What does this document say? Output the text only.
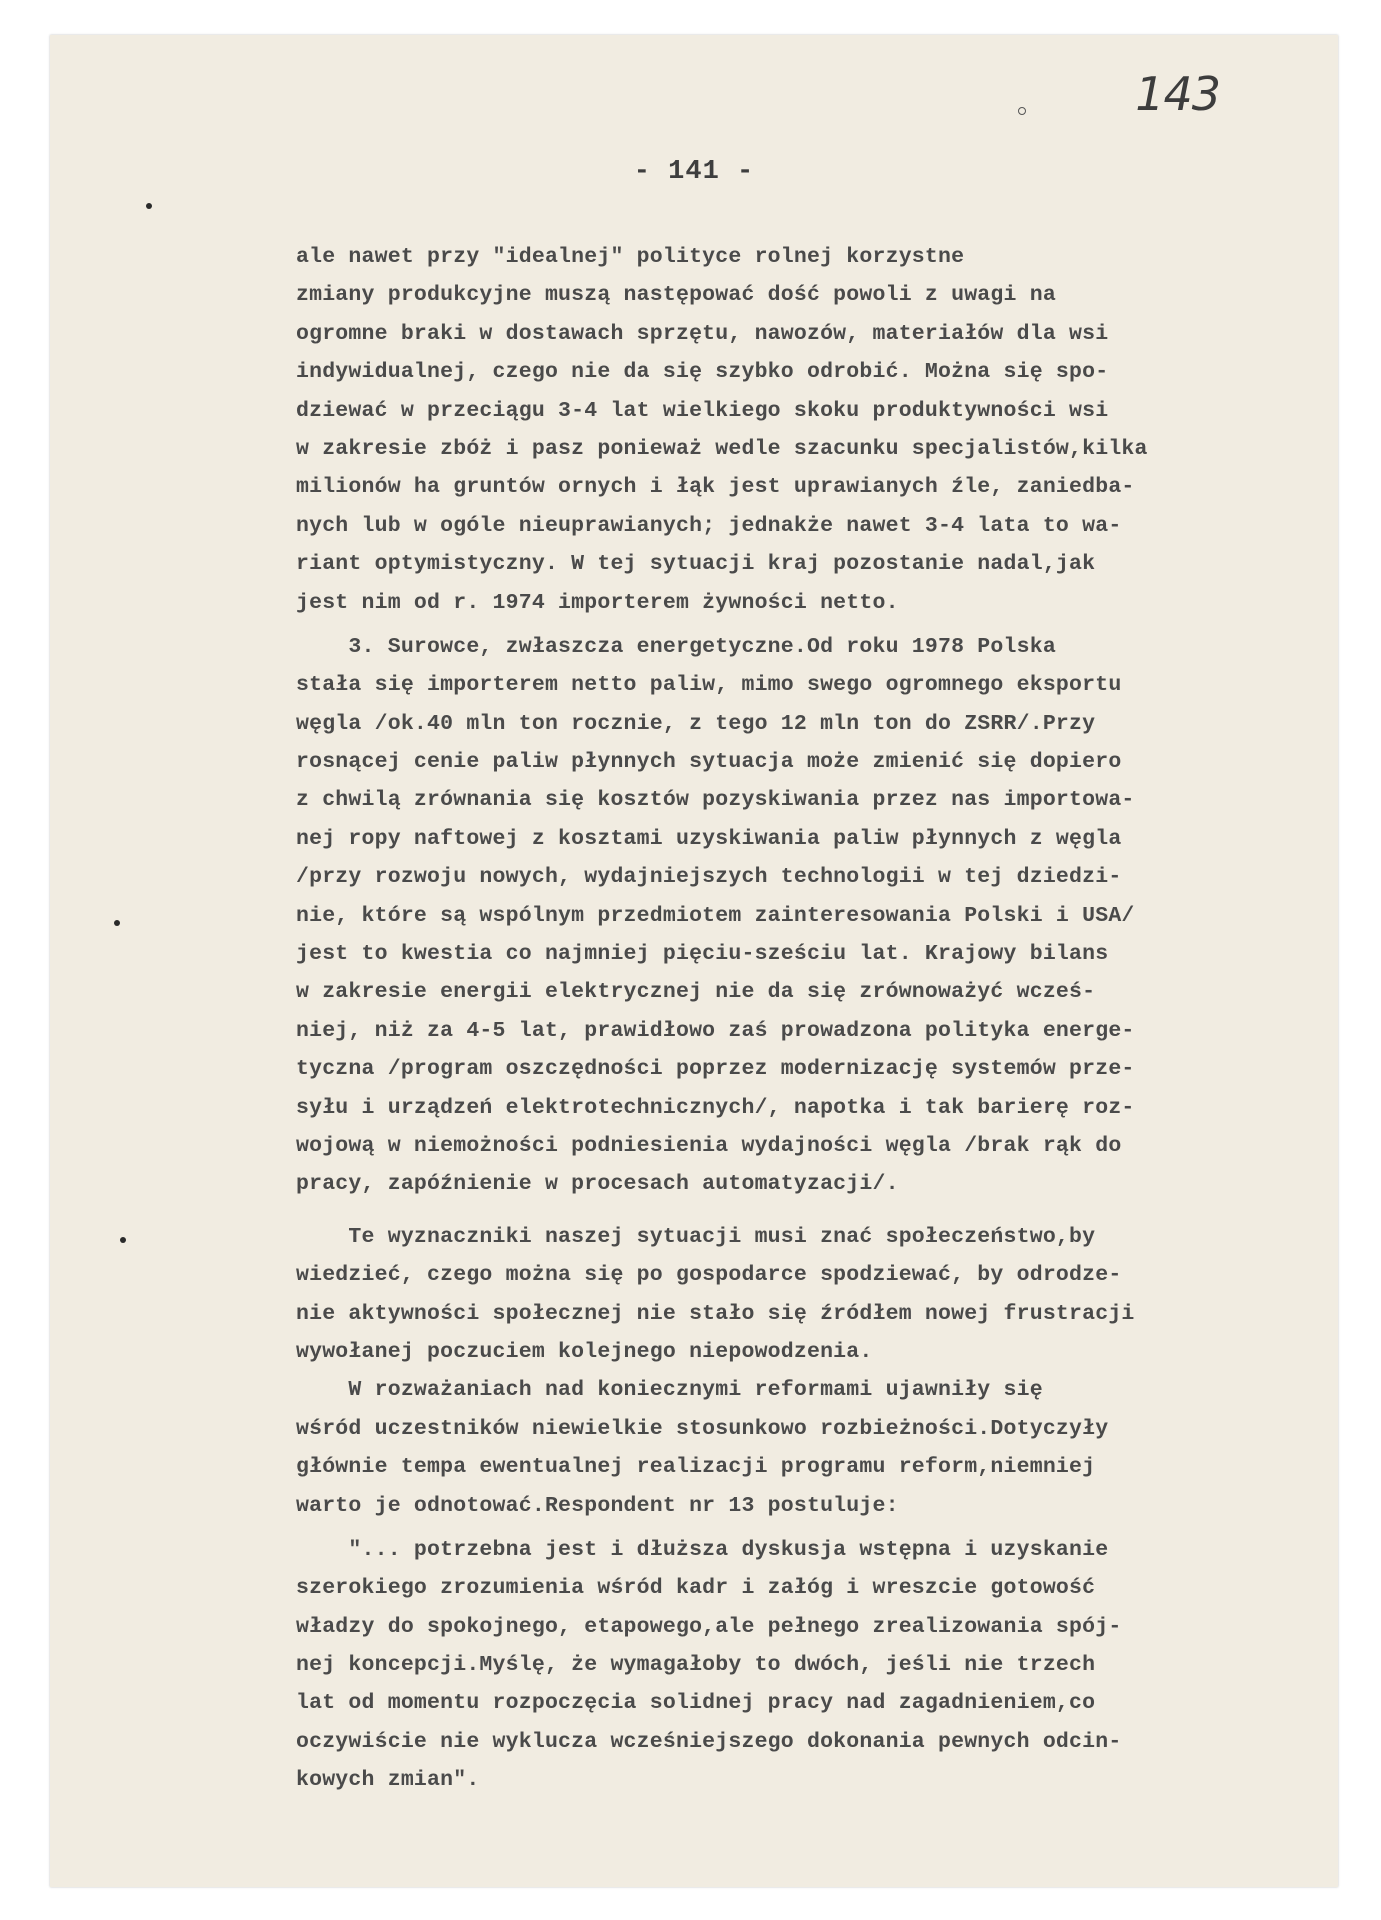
143
- 141 -
ale nawet przy "idealnej" polityce rolnej korzystne
zmiany produkcyjne muszą następować dość powoli z uwagi na
ogromne braki w dostawach sprzętu, nawozów, materiałów dla wsi
indywidualnej, czego nie da się szybko odrobić. Można się spo-
dziewać w przeciągu 3-4 lat wielkiego skoku produktywności wsi
w zakresie zbóż i pasz ponieważ wedle szacunku specjalistów,kilka
milionów ha gruntów ornych i łąk jest uprawianych źle, zaniedba-
nych lub w ogóle nieuprawianych; jednakże nawet 3-4 lata to wa-
riant optymistyczny. W tej sytuacji kraj pozostanie nadal,jak
jest nim od r. 1974 importerem żywności netto.
3. Surowce, zwłaszcza energetyczne.Od roku 1978 Polska
stała się importerem netto paliw, mimo swego ogromnego eksportu
węgla /ok.40 mln ton rocznie, z tego 12 mln ton do ZSRR/.Przy
rosnącej cenie paliw płynnych sytuacja może zmienić się dopiero
z chwilą zrównania się kosztów pozyskiwania przez nas importowa-
nej ropy naftowej z kosztami uzyskiwania paliw płynnych z węgla
/przy rozwoju nowych, wydajniejszych technologii w tej dziedzi-
nie, które są wspólnym przedmiotem zainteresowania Polski i USA/
jest to kwestia co najmniej pięciu-sześciu lat. Krajowy bilans
w zakresie energii elektrycznej nie da się zrównoważyć wcześ-
niej, niż za 4-5 lat, prawidłowo zaś prowadzona polityka energe-
tyczna /program oszczędności poprzez modernizację systemów prze-
syłu i urządzeń elektrotechnicznych/, napotka i tak barierę roz-
wojową w niemożności podniesienia wydajności węgla /brak rąk do
pracy, zapóźnienie w procesach automatyzacji/.
Te wyznaczniki naszej sytuacji musi znać społeczeństwo,by
wiedzieć, czego można się po gospodarce spodziewać, by odrodze-
nie aktywności społecznej nie stało się źródłem nowej frustracji
wywołanej poczuciem kolejnego niepowodzenia.
W rozważaniach nad koniecznymi reformami ujawniły się
wśród uczestników niewielkie stosunkowo rozbieżności.Dotyczyły
głównie tempa ewentualnej realizacji programu reform,niemniej
warto je odnotować.Respondent nr 13 postuluje:
"... potrzebna jest i dłuższa dyskusja wstępna i uzyskanie
szerokiego zrozumienia wśród kadr i załóg i wreszcie gotowość
władzy do spokojnego, etapowego,ale pełnego zrealizowania spój-
nej koncepcji.Myślę, że wymagałoby to dwóch, jeśli nie trzech
lat od momentu rozpoczęcia solidnej pracy nad zagadnieniem,co
oczywiście nie wyklucza wcześniejszego dokonania pewnych odcin-
kowych zmian".
